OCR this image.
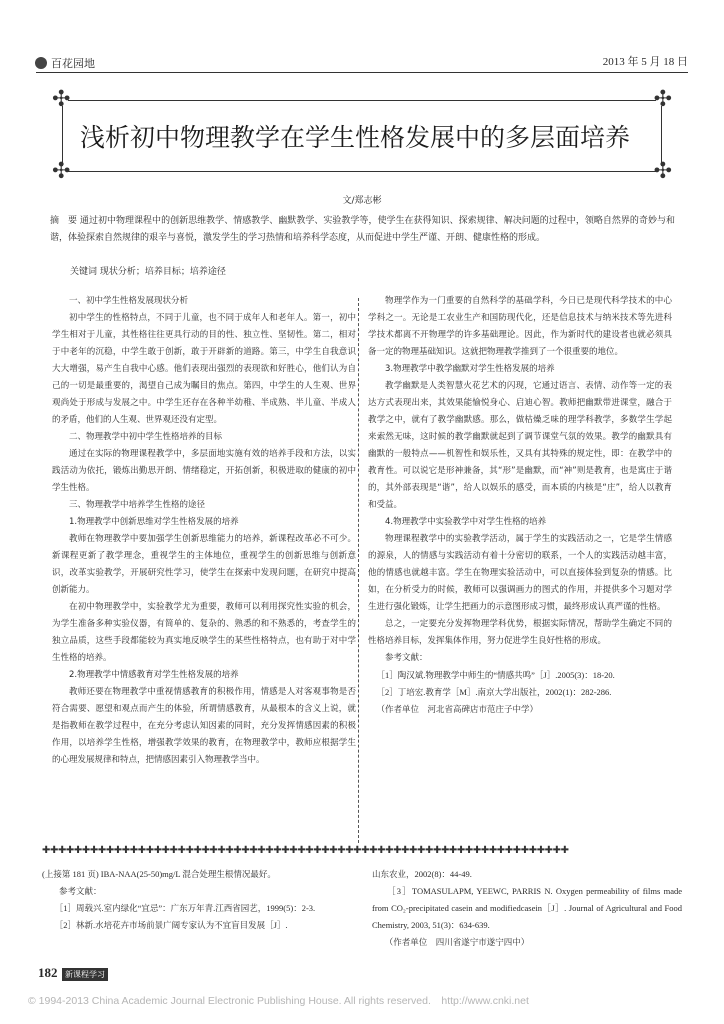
百花园地	2013 年 5 月 18 日
✣	✣
✣	✣
浅析初中物理教学在学生性格发展中的多层面培养
文/郑志彬
摘　要 通过初中物理课程中的创新思维教学、情感教学、幽默教学、实验教学等，使学生在获得知识、探索规律、解决问题的过程中，领略自然界的奇妙与和谐，体验探索自然规律的艰辛与喜悦，激发学生的学习热情和培养科学态度，从而促进中学生严谨、开朗、健康性格的形成。
关键词 现状分析；培养目标；培养途径

一、初中学生性格发展现状分析

初中学生的性格特点，不同于儿童，也不同于成年人和老年人。第一，初中学生相对于儿童，其性格往往更具行动的目的性、独立性、坚韧性。第二，相对于中老年的沉稳，中学生敢于创新，敢于开辟新的道路。第三，中学生自我意识大大增强，易产生自我中心感。他们表现出强烈的表现欲和好胜心，他们认为自己的一切是最重要的，渴望自己成为瞩目的焦点。第四，中学生的人生观、世界观尚处于形成与发展之中。中学生还存在各种半幼稚、半成熟、半儿童、半成人的矛盾，他们的人生观、世界观还没有定型。

二、物理教学中初中学生性格培养的目标

通过在实际的物理课程教学中，多层面地实施有效的培养手段和方法，以实践活动为依托，锻炼出勤思开朗、情绪稳定，开拓创新，积极进取的健康的初中学生性格。

三、物理教学中培养学生性格的途径

1.物理教学中创新思维对学生性格发展的培养

教师在物理教学中要加强学生创新思维能力的培养，新课程改革必不可少。新课程更新了教学理念，重视学生的主体地位，重视学生的创新思维与创新意识，改革实验教学，开展研究性学习，使学生在探索中发现问题，在研究中提高创新能力。

在初中物理教学中，实验教学尤为重要，教师可以利用探究性实验的机会，为学生准备多种实验仪器，有简单的、复杂的、熟悉的和不熟悉的，考查学生的独立品质，这些手段都能较为真实地反映学生的某些性格特点，也有助于对中学生性格的培养。

2.物理教学中情感教育对学生性格发展的培养

教师还要在物理教学中重视情感教育的积极作用，情感是人对客观事物是否符合需要、愿望和观点而产生的体验，所谓情感教育，从最根本的含义上说，就是指教师在教学过程中，在充分考虑认知因素的同时，充分发挥情感因素的积极作用，以培养学生性格，增强教学效果的教育，在物理教学中，教师应根据学生的心理发展规律和特点，把情感因素引入物理教学当中。

物理学作为一门重要的自然科学的基础学科，今日已是现代科学技术的中心学科之一。无论是工农业生产和国防现代化，还是信息技术与纳米技术等先进科学技术都离不开物理学的许多基础理论。因此，作为新时代的建设者也就必须具备一定的物理基础知识。这就把物理教学推到了一个很重要的地位。

3.物理教学中教学幽默对学生性格发展的培养

教学幽默是人类智慧火花艺术的闪现，它通过语言、表情、动作等一定的表达方式表现出来，其效果能愉悦身心、启迪心智。教师把幽默带进课堂，融合于教学之中，就有了教学幽默感。那么，做枯燥乏味的理学科教学，多数学生学起来索然无味，这时候的教学幽默就起到了调节课堂气氛的效果。教学的幽默具有幽默的一般特点——机智性和娱乐性，又具有其特殊的规定性，即：在教学中的教育性。可以说它是形神兼备，其“形”是幽默，而“神”则是教育，也是寓庄于谐的，其外部表现是“谐”，给人以娱乐的感受，而本质的内核是“庄”，给人以教育和受益。

4.物理教学中实验教学中对学生性格的培养

物理课程教学中的实验教学活动，属于学生的实践活动之一，它是学生情感的源泉，人的情感与实践活动有着十分密切的联系，一个人的实践活动越丰富，他的情感也就越丰富。学生在物理实验活动中，可以直接体验到复杂的情感。比如，在分析受力的时候，教师可以强调画力的图式的作用，并提供多个习题对学生进行强化锻炼，让学生把画力的示意图形成习惯，最终形成认真严谨的性格。

总之，一定要充分发挥物理学科优势，根据实际情况，帮助学生确定不同的性格培养目标，发挥集体作用，努力促进学生良好性格的形成。

参考文献：

［1］陶汉斌.物理教学中师生的“情感共鸣”［J］.2005(3)：18-20.

［2］丁培宏.教育学［M］.南京大学出版社，2002(1)：282-286.

（作者单位　河北省高碑店市范庄子中学）

✚✚✚✚✚✚✚✚✚✚✚✚✚✚✚✚✚✚✚✚✚✚✚✚✚✚✚✚✚✚✚✚✚✚✚✚✚✚✚✚✚✚✚✚✚✚✚✚✚✚✚✚✚✚✚✚✚✚✚✚✚✚✚✚✚✚

(上接第 181 页) IBA-NAA(25-50)mg/L 混合处理生根情况最好。

　　参考文献：

　　［1］周载兴.室内绿化“宜忌”：广东万年青.江西省园艺，1999(5)：2-3.

　　［2］林新.水培花卉市场前景广阔专家认为不宜盲目发展［J］.

山东农业，2002(8)：44-49.

　　［3］TOMASULAPM, YEEWC, PARRIS N. Oxygen permeability of films made from CO₂-precipitated casein and modifiedcasein［J］. Journal of Agricultural and Food Chemistry, 2003, 51(3)：634-639.

　　（作者单位　四川省遂宁市遂宁四中）

182 新课程学习
© 1994-2013 China Academic Journal Electronic Publishing House. All rights reserved.　http://www.cnki.net
